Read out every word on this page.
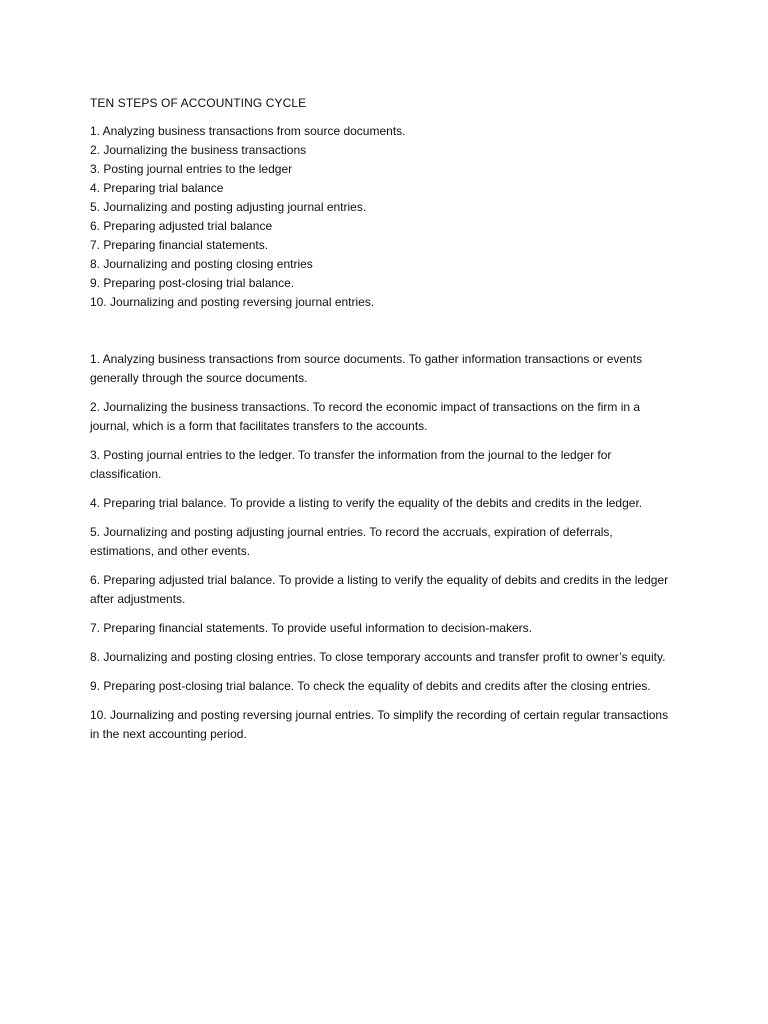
TEN STEPS OF ACCOUNTING CYCLE
1. Analyzing business transactions from source documents.
2. Journalizing the business transactions
3. Posting journal entries to the ledger
4. Preparing trial balance
5. Journalizing and posting adjusting journal entries.
6. Preparing adjusted trial balance
7. Preparing financial statements.
8. Journalizing and posting closing entries
9. Preparing post-closing trial balance.
10. Journalizing and posting reversing journal entries.

1. Analyzing business transactions from source documents. To gather information transactions or events generally through the source documents.

2. Journalizing the business transactions. To record the economic impact of transactions on the firm in a journal, which is a form that facilitates transfers to the accounts.

3. Posting journal entries to the ledger. To transfer the information from the journal to the ledger for classification.

4. Preparing trial balance. To provide a listing to verify the equality of the debits and credits in the ledger.

5. Journalizing and posting adjusting journal entries. To record the accruals, expiration of deferrals, estimations, and other events.

6. Preparing adjusted trial balance. To provide a listing to verify the equality of debits and credits in the ledger after adjustments.

7. Preparing financial statements. To provide useful information to decision-makers.

8. Journalizing and posting closing entries. To close temporary accounts and transfer profit to owner’s equity.

9. Preparing post-closing trial balance. To check the equality of debits and credits after the closing entries.

10. Journalizing and posting reversing journal entries. To simplify the recording of certain regular transactions in the next accounting period.
